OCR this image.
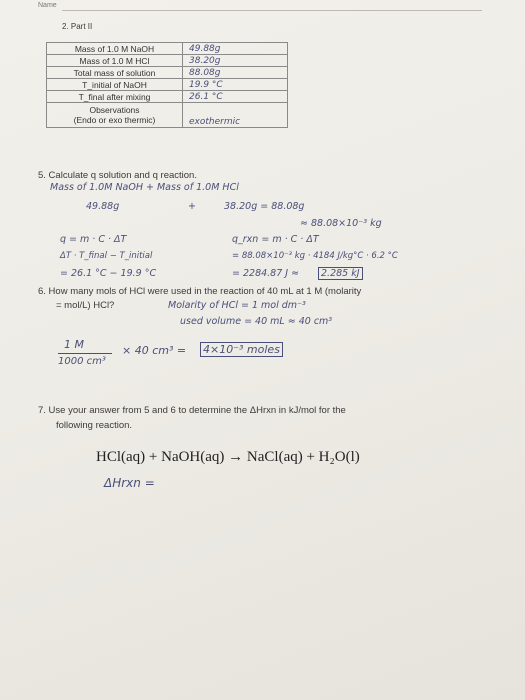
Name
2. Part II
Mass of 1.0 M NaOH	49.88g
Mass of 1.0 M HCl	38.20g
Total mass of solution	88.08g
T_initial of NaOH	19.9 °C
T_final after mixing	26.1 °C
Observations
(Endo or exo thermic)	exothermic
5. Calculate q solution and q reaction.
Mass of 1.0M NaOH + Mass of 1.0M HCl
49.88g	+	38.20g = 88.08g
≈ 88.08×10⁻³ kg
q = m · C · ΔT	q_rxn = m · C · ΔT
ΔT · T_final − T_initial	= 88.08×10⁻³ kg · 4184 J/kg°C · 6.2 °C
= 26.1 °C − 19.9 °C	= 2284.87 J ≈	2.285 kJ
6. How many mols of HCl were used in the reaction of 40 mL at 1 M (molarity
= mol/L) HCl?	Molarity of HCl = 1 mol dm⁻³
used volume = 40 mL ≈ 40 cm³
1 M
1000 cm³
× 40 cm³ = 4×10⁻³ moles
7. Use your answer from 5 and 6 to determine the ΔHrxn in kJ/mol for the
following reaction.
HCl(aq) + NaOH(aq) → NaCl(aq) + H₂O(l)
ΔHrxn =
